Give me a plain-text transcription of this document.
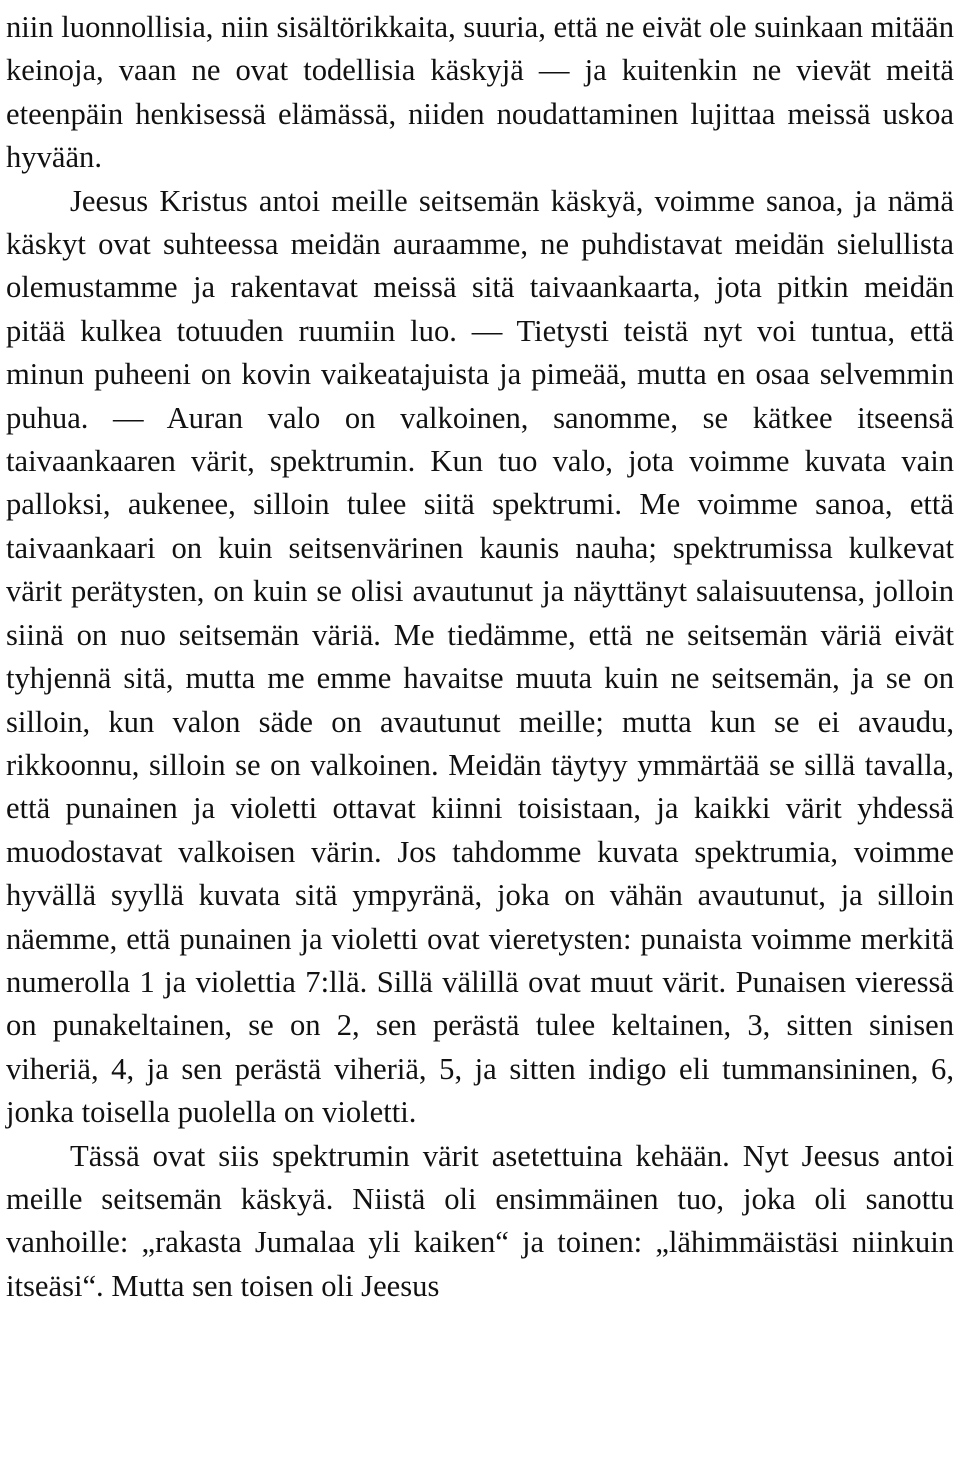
niin luonnollisia, niin sisältörikkaita, suuria, että ne eivät ole suinkaan mitään keinoja, vaan ne ovat todellisia käskyjä — ja kuitenkin ne vievät meitä eteenpäin henkisessä elämässä, niiden noudattaminen lujittaa meissä uskoa hyvään.

Jeesus Kristus antoi meille seitsemän käskyä, voimme sanoa, ja nämä käskyt ovat suhteessa meidän auraamme, ne puhdistavat meidän sielullista olemustamme ja rakentavat meissä sitä taivaankaarta, jota pitkin meidän pitää kulkea totuuden ruumiin luo. — Tietysti teistä nyt voi tuntua, että minun puheeni on kovin vaikeatajuista ja pimeää, mutta en osaa selvemmin puhua. — Auran valo on valkoinen, sanomme, se kätkee itseensä taivaankaaren värit, spektrumin. Kun tuo valo, jota voimme kuvata vain palloksi, aukenee, silloin tulee siitä spektrumi. Me voimme sanoa, että taivaankaari on kuin seitsenvärinen kaunis nauha; spektrumissa kulkevat värit perätysten, on kuin se olisi avautunut ja näyttänyt salaisuutensa, jolloin siinä on nuo seitsemän väriä. Me tiedämme, että ne seitsemän väriä eivät tyhjennä sitä, mutta me emme havaitse muuta kuin ne seitsemän, ja se on silloin, kun valon säde on avautunut meille; mutta kun se ei avaudu, rikkoonnu, silloin se on valkoinen. Meidän täytyy ymmärtää se sillä tavalla, että punainen ja violetti ottavat kiinni toisistaan, ja kaikki värit yhdessä muodostavat valkoisen värin. Jos tahdomme kuvata spektrumia, voimme hyvällä syyllä kuvata sitä ympyränä, joka on vähän avautunut, ja silloin näemme, että punainen ja violetti ovat vieretysten: punaista voimme merkitä numerolla 1 ja violettia 7:llä. Sillä välillä ovat muut värit. Punaisen vieressä on punakeltainen, se on 2, sen perästä tulee keltainen, 3, sitten sinisen viheriä, 4, ja sen perästä viheriä, 5, ja sitten indigo eli tummansininen, 6, jonka toisella puolella on violetti.

Tässä ovat siis spektrumin värit asetettuina kehään. Nyt Jeesus antoi meille seitsemän käskyä. Niistä oli ensimmäinen tuo, joka oli sanottu vanhoille: „rakasta Jumalaa yli kaiken“ ja toinen: „lähimmäistäsi niinkuin itseäsi“. Mutta sen toisen oli Jeesus
